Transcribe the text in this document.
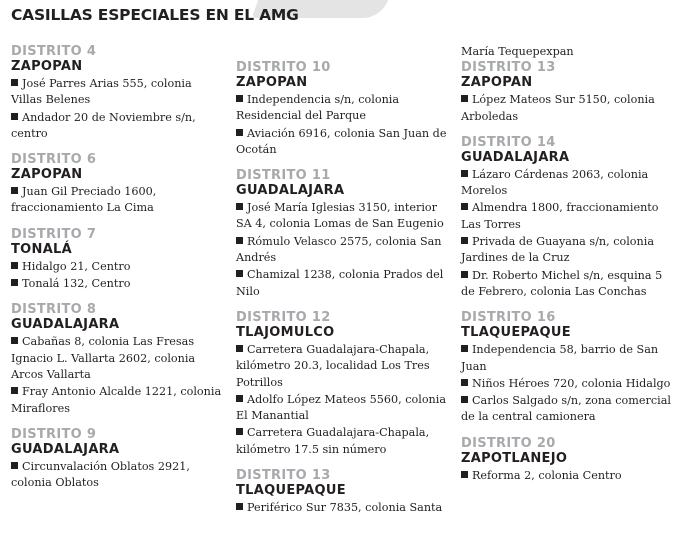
CASILLAS ESPECIALES EN EL AMG
DISTRITO 4
ZAPOPAN
José Parres Arias 555, colonia Villas Belenes
Andador 20 de Noviembre s/n, centro
DISTRITO 6
ZAPOPAN
Juan Gil Preciado 1600, fraccionamiento La Cima
DISTRITO 7
TONALÁ
Hidalgo 21, Centro
Tonalá 132, Centro
DISTRITO 8
GUADALAJARA
Cabañas 8, colonia Las Fresas Ignacio L. Vallarta 2602, colonia Arcos Vallarta
Fray Antonio Alcalde 1221, colonia Miraflores
DISTRITO 9
GUADALAJARA
Circunvalación Oblatos 2921, colonia Oblatos
DISTRITO 10
ZAPOPAN
Independencia s/n, colonia Residencial del Parque
Aviación 6916, colonia San Juan de Ocotán
DISTRITO 11
GUADALAJARA
José María Iglesias 3150, interior SA 4, colonia Lomas de San Eugenio
Rómulo Velasco 2575, colonia San Andrés
Chamizal 1238, colonia Prados del Nilo
DISTRITO 12
TLAJOMULCO
Carretera Guadalajara-Chapala, kilómetro 20.3, localidad Los Tres Potrillos
Adolfo López Mateos 5560, colonia El Manantial
Carretera Guadalajara-Chapala, kilómetro 17.5 sin número
DISTRITO 13
TLAQUEPAQUE
Periférico Sur 7835, colonia Santa
María Tequepexpan
DISTRITO 13
ZAPOPAN
López Mateos Sur 5150, colonia Arboledas
DISTRITO 14
GUADALAJARA
Lázaro Cárdenas 2063, colonia Morelos
Almendra 1800, fraccionamiento Las Torres
Privada de Guayana s/n, colonia Jardines de la Cruz
Dr. Roberto Michel s/n, esquina 5 de Febrero, colonia Las Conchas
DISTRITO 16
TLAQUEPAQUE
Independencia 58, barrio de San Juan
Niños Héroes 720, colonia Hidalgo
Carlos Salgado s/n, zona comercial de la central camionera
DISTRITO 20
ZAPOTLANEJO
Reforma 2, colonia Centro
